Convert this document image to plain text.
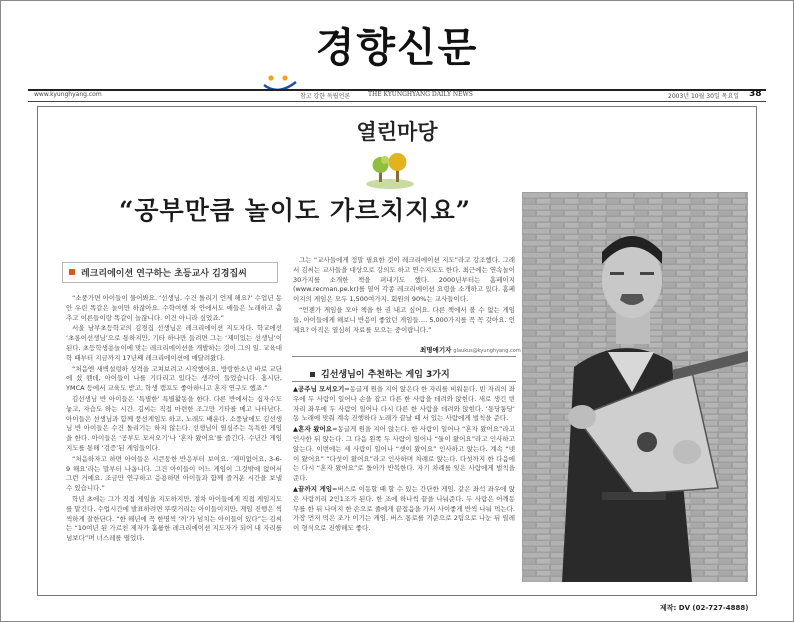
경향신문
www.kyunghyang.com	참고 강한 독립언론	THE KYUNGHYANG DAILY NEWS	2003년 10월 30일 목요일 38
열린마당
“공부만큼 놀이도 가르치지요”
레크리에이션 연구하는 초등교사 김경집씨

“소풍가면 아이들이 물어봐요. ‘선생님, 수건 돌리기 언제 해요?’ 수업년 동안 우린 똑같은 놀이만 하잖아요. 수학여행 차 안에서도 애들은 노래하고 춤추고 이른들이랑 똑같이 놀잖니다. 이건 아니라 싶었죠.”

서울 남부초등학교의 김경집 선생님은 레크리에이션 지도자다. 학교에선 ‘초롱이선생님’으로 통하지만, 기타 하나만 들려면 그는 ‘재미있는 선생님’이 된다. 초등학생용놀이에 맞는 레크리에이션을 개발하는 것이 그의 일. 교육대학 때부터 지금까지 17년째 레크리에이션에 매달려왔다.

“처음엔 새벽설렁하 성격을 고쳐보려고 시작했어요. 방랑한소년 바로 교단에 섰 뗀데, 아이들이 나를 기다리고 있다는 생각이 들었습니다. 홍시단, YMCA 등에서 교육도 받고, 학생 캠프도 좋아하니고 혼자 연구도 했죠.”

김선생님 반 아이들은 ‘특별한’ 특별활동을 한다. 다른 반에서는 십자수도 놓고, 자습도 하는 시간. 김씨는 직접 마련한 조그만 기타를 메고 나타난다. 아이들은 선생님과 함께 풍선게임도 하고, 노래도 배운다. 소풍날에도 김선생님 반 아이들은 수건 돌리기는 하지 않는다. 선생님이 열심주는 독특한 게임을 한다. 아이들은 ‘공부도 모서오기’나 ‘혼자 왔어요’를 즐긴다. 수년간 게임지도를 통해 ‘검증’된 게임들이다.

“처음하자고 하면 아이들은 시큰둥한 반응부터 보여요. ‘재미없어요, 3-6-9 해요’라는 말부터 나옵니다. 그건 아이들이 어느 게임이 그것밖에 없어서 그런 거예요. 조금만 연구하고 응용하면 아이들과 함께 즐거운 시간을 보낼 수 있습니다.”

학년 초에는 그가 직접 게임을 지도하지만, 점차 아이들에게 직접 게임지도를 맡긴다. 수업시간에 발표하려면 뚜렷거리는 아이들이지만, 게임 진행은 씩씩하게 잘한단다. “한 해년에 꼭 한명씩 ‘끼’가 넘치는 아이들이 있다”는 김씨는 “10여년 된 가르친 제자가 훌륭한 레크리에이션 지도자가 되어 내 자리를 넘보다”며 너스레를 떨었다.

그는 “교사들에게 정말 필요한 것이 레크리에이션 지도”라고 강조했다. 그래서 김씨는 교사들을 대상으로 강의도 하고 연수지도도 한다. 최근에는 연속놀이 30가지를 소개한 책을 펴내기도 했다. 2000년부터는 홈페이지(www.recman.pe.kr)를 열어 각종 레크리에이션 요령을 소개하고 있다. 홈페이지의 게임은 모두 1,500여가지. 회원의 90%는 교사들이다.

“언젠가 게임을 모아 책을 한 권 내고 싶어요. 다른 책에서 볼 수 없는 게임들, 아이들에게 해보니 반응이 좋았던 게임들…. 5,000가지를 꼭 꼭 갖아요. 언제요? 아직은 열심히 자료를 모으는 중이랍니다.”

최명애기자 glaukus@kyunghyang.com
김선생님이 추천하는 게임 3가지

▲공주님 모셔오기=동글게 원을 지어 앉은다 한 자리를 비워둔다. 빈 자리의 좌우에 두 사람이 일어나 손을 잡고 다른 한 사람을 데려와 앉힌다. 새로 생긴 빈자리 좌우에 두 사람이 일어나 다시 다른 한 사람을 데려와 앉힌다. ‘통당퉁당’ 동 노래에 맞춰 계속 진행하다 노래가 끝날 때 서 있는 사람에게 벌칙을 준다.

▲혼자 왔어요=동글게 원을 지어 앉는다. 한 사람이 일어나 “혼자 왔어요”라고 인사한 뒤 앉는다. 그 다음 왼쪽 두 사람이 일어나 “둘이 왔어요”라고 인사하고 앉는다. 이번에는 세 사람이 일어나 “셋이 왔어요” 인사하고 앉는다. 계속 “넷이 왔어요” “다섯이 왔어요”라고 인사하며 차례로 앉는다. 다섯까지 한 다음에는 다시 “혼자 왔어요”로 돌아가 반복한다. 자기 차례를 잊은 사람에게 벌칙을 준다.

▲끝까지 게임=버스로 이동할 때 할 수 있는 간단한 게임. 같은 좌석 좌우에 앉은 사람끼리 2인1조가 된다. 한 조에 하나씩 끝을 나눠준다. 두 사람은 어깨동무를 한 뒤 나머지 한 손으로 줄에게 끝접음을 가서 사이좋게 반씩 나눠 먹는다. 가장 먼저 먹은 조가 이기는 게임. 버스 통로를 기준으로 2팀으로 나눈 뒤 릴레이 형식으로 진행해도 좋다.

제작: DV (02-727-4888)
